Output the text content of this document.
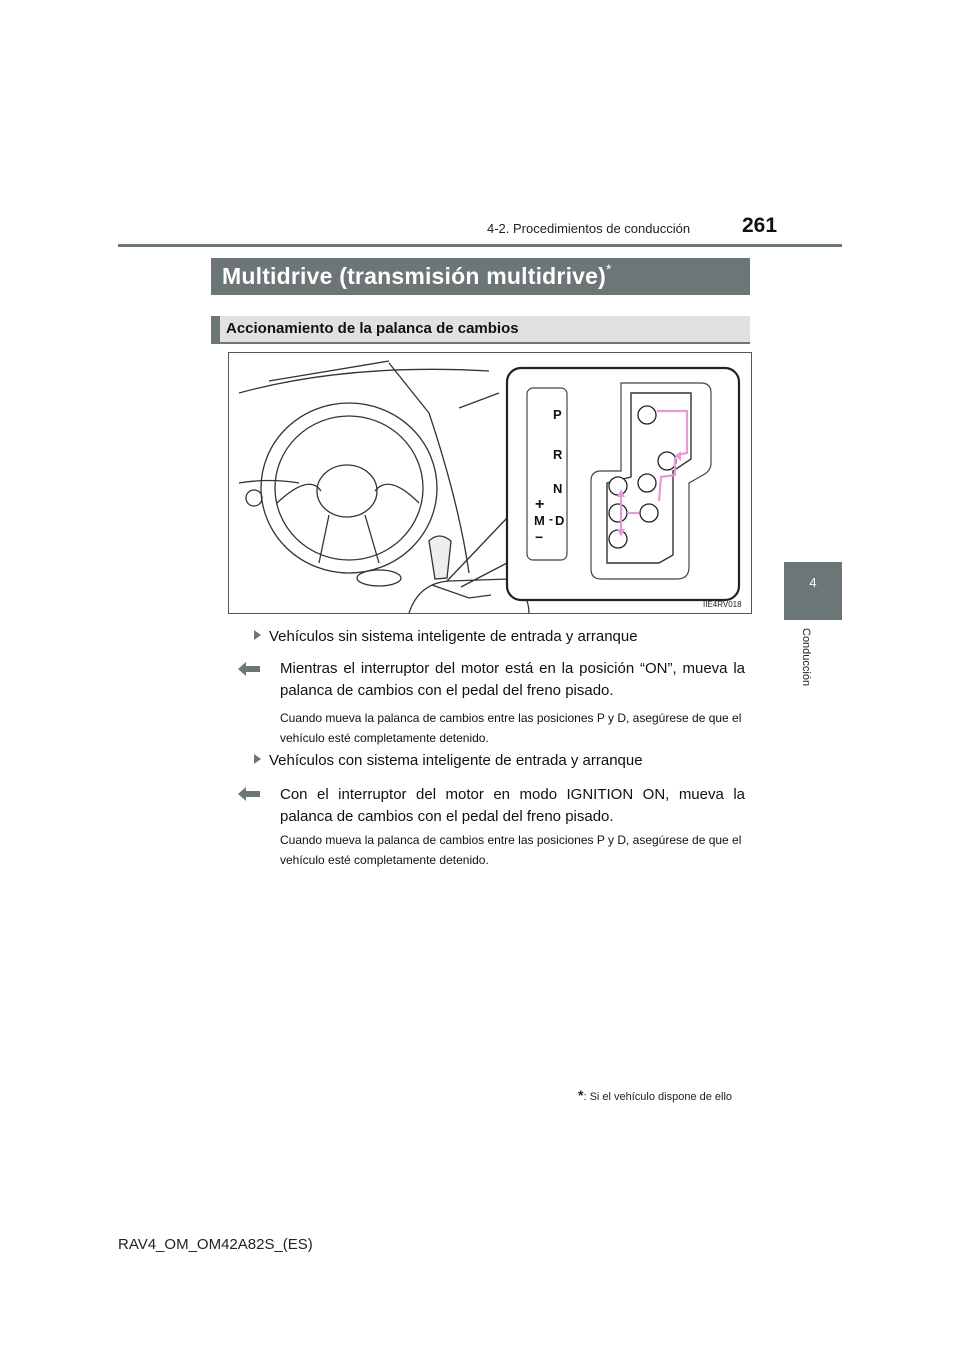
4-2. Procedimientos de conducción 261
4
Conducción
Multidrive (transmisión multidrive)*
Accionamiento de la palanca de cambios
P
R
N
D
M
+
−
-
IIE4RV018
Vehículos sin sistema inteligente de entrada y arranque
Mientras el interruptor del motor está en la posición “ON”, mueva la palanca de cambios con el pedal del freno pisado.
Cuando mueva la palanca de cambios entre las posiciones P y D, asegúrese de que el vehículo esté completamente detenido.
Vehículos con sistema inteligente de entrada y arranque
Con el interruptor del motor en modo IGNITION ON, mueva la palanca de cambios con el pedal del freno pisado.
Cuando mueva la palanca de cambios entre las posiciones P y D, asegúrese de que el vehículo esté completamente detenido.
*: Si el vehículo dispone de ello
RAV4_OM_OM42A82S_(ES)
